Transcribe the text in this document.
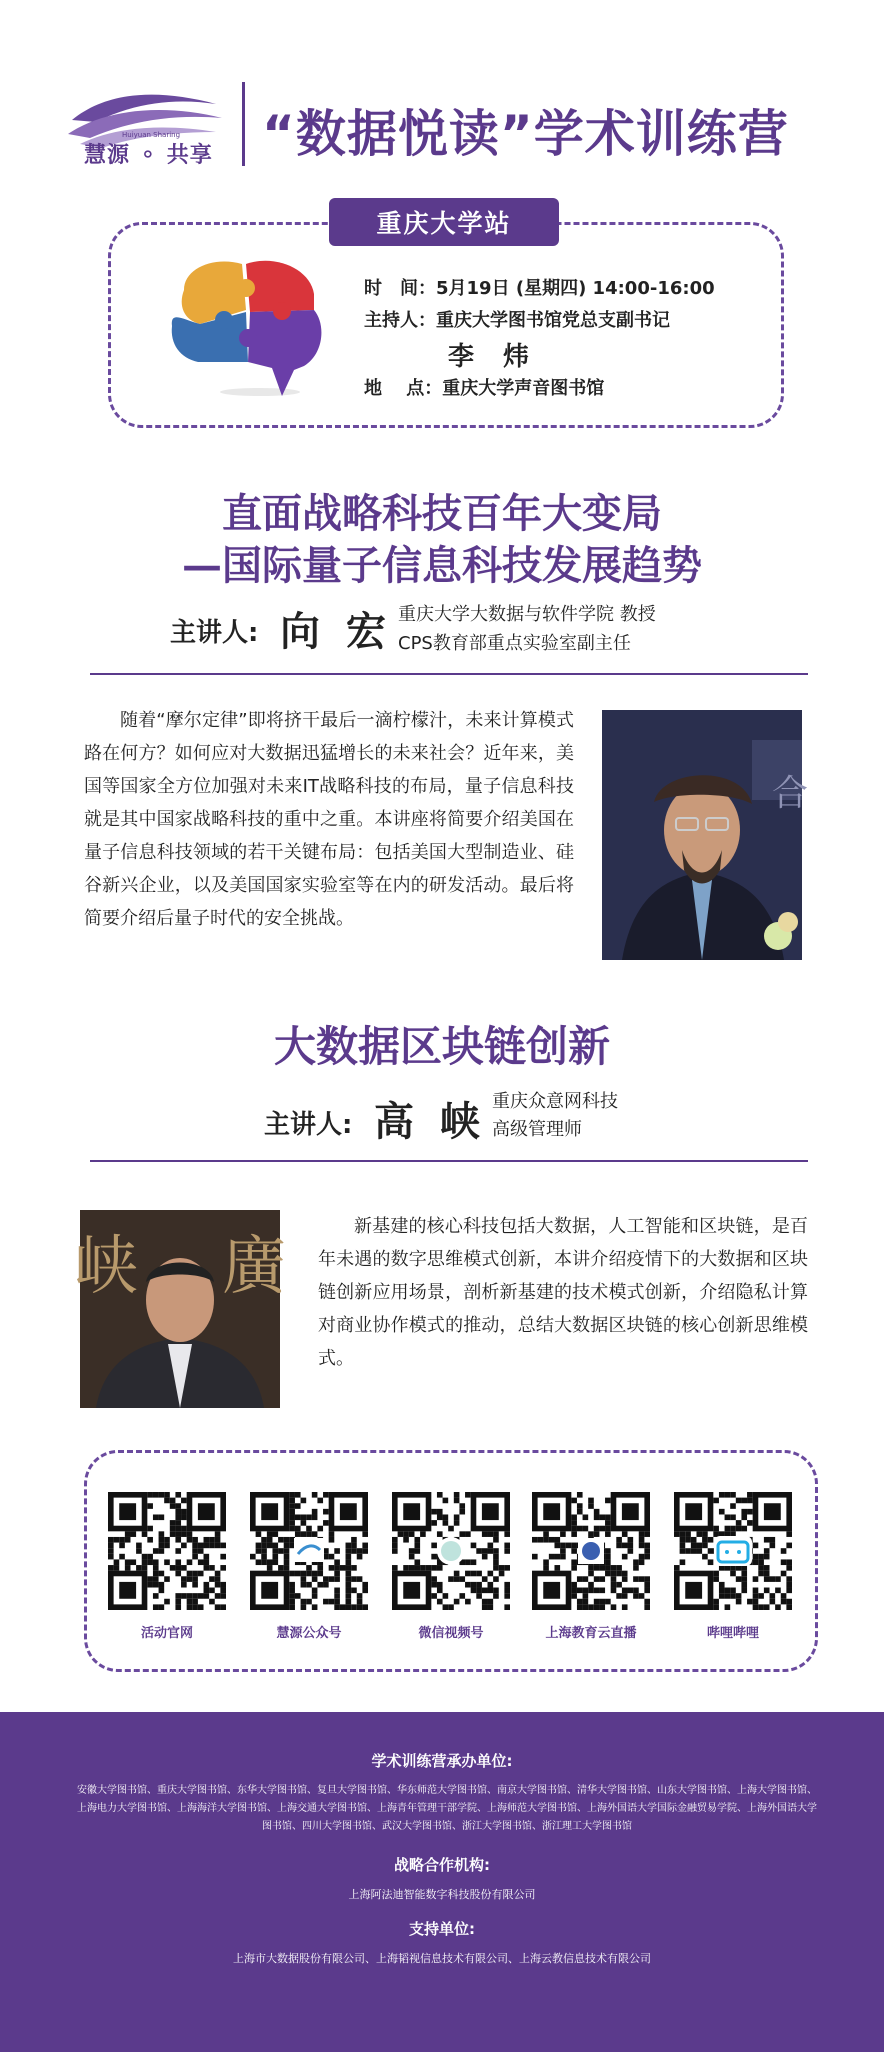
Huiyuan Sharing
慧源 ⚬ 共享 “数据悦读”学术训练营
重庆大学站
时　间：5月19日 (星期四) 14:00-16:00
主持人：重庆大学图书馆党总支副书记
李 炜
地　 点：重庆大学声音图书馆
直面战略科技百年大变局
—国际量子信息科技发展趋势
主讲人: 向 宏 重庆大学大数据与软件学院 教授
CPS教育部重点实验室副主任
随着“摩尔定律”即将挤干最后一滴柠檬汁，未来计算模式路在何方？如何应对大数据迅猛增长的未来社会？近年来，美国等国家全方位加强对未来IT战略科技的布局，量子信息科技就是其中国家战略科技的重中之重。本讲座将简要介绍美国在量子信息科技领域的若干关键布局：包括美国大型制造业、硅谷新兴企业，以及美国国家实验室等在内的研发活动。最后将简要介绍后量子时代的安全挑战。
合
大数据区块链创新
主讲人: 高 峡 重庆众意网科技
高级管理师
峡 廣
新基建的核心科技包括大数据，人工智能和区块链，是百年未遇的数字思维模式创新，本讲介绍疫情下的大数据和区块链创新应用场景，剖析新基建的技术模式创新，介绍隐私计算对商业协作模式的推动，总结大数据区块链的核心创新思维模式。
学术训练营承办单位:
安徽大学图书馆、重庆大学图书馆、东华大学图书馆、复旦大学图书馆、华东师范大学图书馆、南京大学图书馆、清华大学图书馆、山东大学图书馆、上海大学图书馆、上海电力大学图书馆、上海海洋大学图书馆、上海交通大学图书馆、上海青年管理干部学院、上海师范大学图书馆、上海外国语大学国际金融贸易学院、上海外国语大学图书馆、四川大学图书馆、武汉大学图书馆、浙江大学图书馆、浙江理工大学图书馆
战略合作机构:
上海阿法迪智能数字科技股份有限公司
支持单位:
上海市大数据股份有限公司、上海韬视信息技术有限公司、上海云教信息技术有限公司
活动官网	慧源公众号	微信视频号	上海教育云直播	哔哩哔哩
